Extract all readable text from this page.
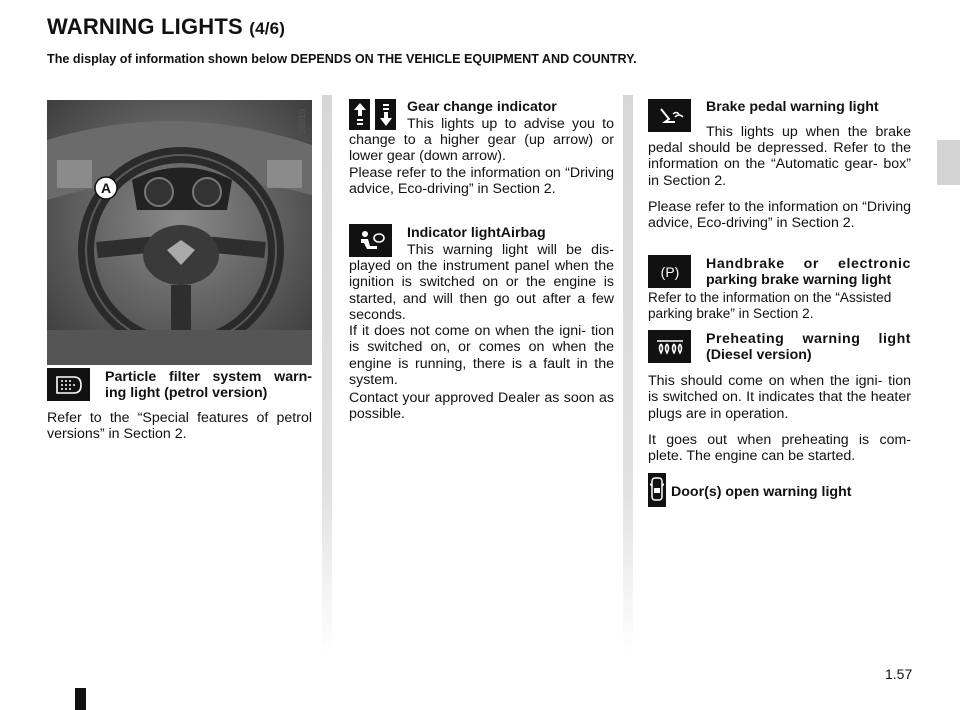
WARNING LIGHTS (4/6)

The display of information shown below DEPENDS ON THE VEHICLE EQUIPMENT AND COUNTRY.

A
39919
Particle filter system warn-
ing light (petrol version)
Refer to the “Special features of petrol versions” in Section 2.
Gear change indicator
This lights up to advise you to
change to a higher gear (up arrow) or lower gear (down arrow).
Please refer to the information on “Driving advice, Eco-driving” in Section 2.
Indicator lightAirbag
This warning light will be dis-
played on the instrument panel when the ignition is switched on or the engine is started, and will then go out after a few seconds.
If it does not come on when the igni- tion is switched on, or comes on when the engine is running, there is a fault in the system.
Contact your approved Dealer as soon as possible.
Brake pedal warning light
This lights up when the brake
pedal should be depressed. Refer to the information on the “Automatic gear- box” in Section 2.
Please refer to the information on “Driving advice, Eco-driving” in Section 2.
(P) Handbrake or electronic
parking brake warning light
Refer to the information on the “Assisted parking brake” in Section 2.
Preheating warning light
(Diesel version)
This should come on when the igni- tion is switched on. It indicates that the heater plugs are in operation.
It goes out when preheating is com- plete. The engine can be started.
Door(s) open warning light
1.57
